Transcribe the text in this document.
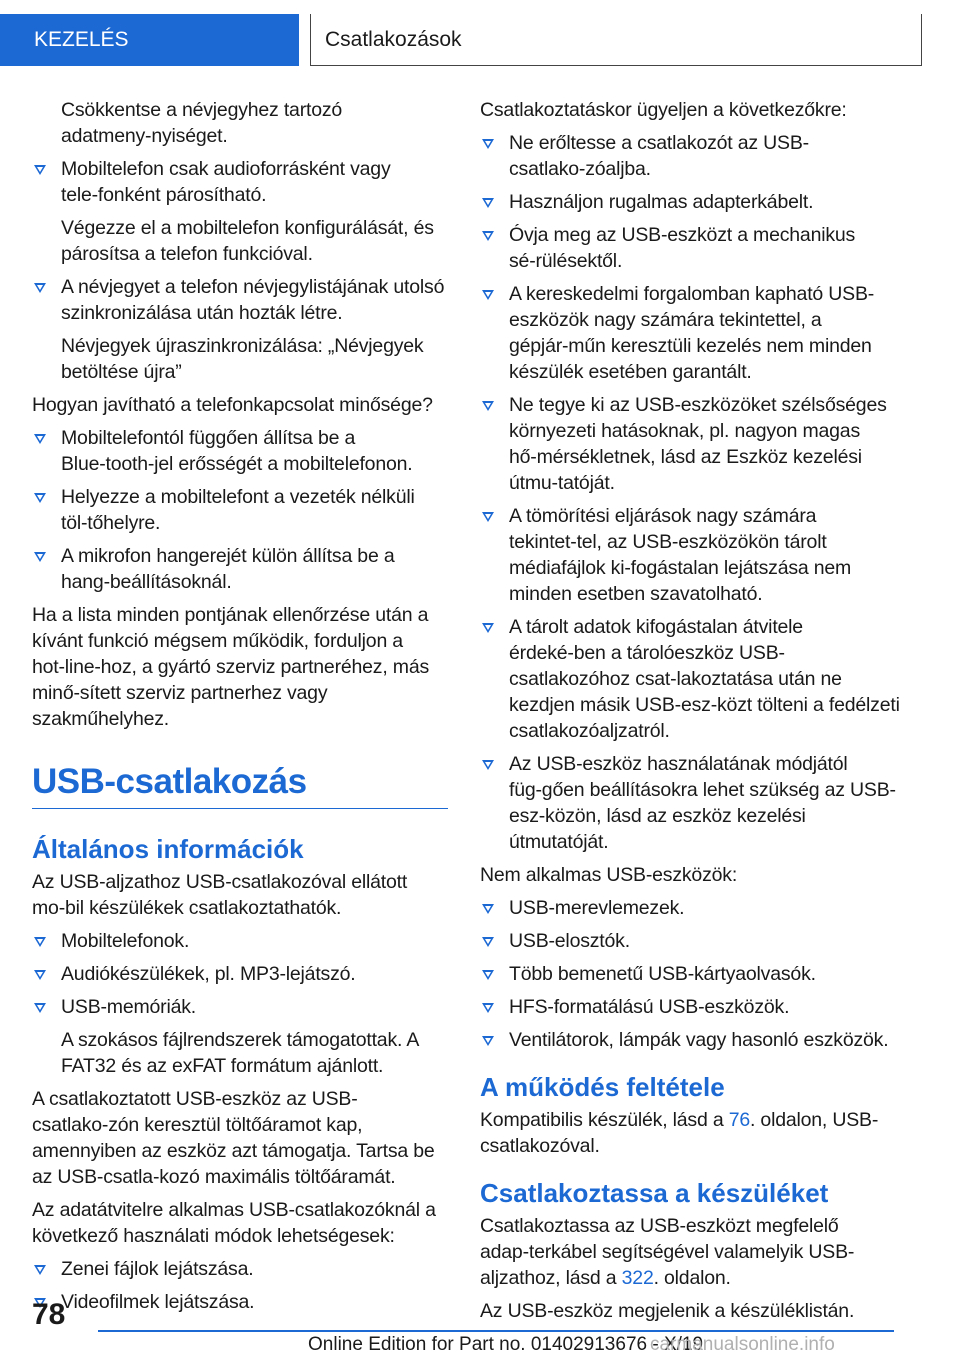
KEZELÉS	Csatlakozások

Csökkentse a névjegyhez tartozó adatmeny‑nyiséget.

Mobiltelefon csak audioforrásként vagy tele‑fonként párosítható.

Végezze el a mobiltelefon konfigurálását, és párosítsa a telefon funkcióval.

A névjegyet a telefon névjegylistájának utolsó szinkronizálása után hozták létre.

Névjegyek újraszinkronizálása: „Névjegyek betöltése újra”

Hogyan javítható a telefonkapcsolat minősége?

Mobiltelefontól függően állítsa be a Blue‑tooth‑jel erősségét a mobiltelefonon.
Helyezze a mobiltelefont a vezeték nélküli töl‑tőhelyre.
A mikrofon hangerejét külön állítsa be a hang‑beállításoknál.

Ha a lista minden pontjának ellenőrzése után a kívánt funkció mégsem működik, forduljon a hot‑line‑hoz, a gyártó szerviz partneréhez, más minő‑sített szerviz partnerhez vagy szakműhelyhez.

USB-csatlakozás
Általános információk

Az USB-aljzathoz USB-csatlakozóval ellátott mo‑bil készülékek csatlakoztathatók.

Mobiltelefonok.
Audiókészülékek, pl. MP3-lejátszó.
USB-memóriák.

A szokásos fájlrendszerek támogatottak. A FAT32 és az exFAT formátum ajánlott.

A csatlakoztatott USB-eszköz az USB-csatlako‑zón keresztül töltőáramot kap, amennyiben az eszköz azt támogatja. Tartsa be az USB-csatla‑kozó maximális töltőáramát.

Az adatátvitelre alkalmas USB-csatlakozóknál a következő használati módok lehetségesek:

Zenei fájlok lejátszása.
Videofilmek lejátszása.

Csatlakoztatáskor ügyeljen a következőkre:

Ne erőltesse a csatlakozót az USB-csatlako‑zóaljba.
Használjon rugalmas adapterkábelt.
Óvja meg az USB-eszközt a mechanikus sé‑rülésektől.
A kereskedelmi forgalomban kapható USB-eszközök nagy számára tekintettel, a gépjár‑műn keresztüli kezelés nem minden készülék esetében garantált.
Ne tegye ki az USB-eszközöket szélsőséges környezeti hatásoknak, pl. nagyon magas hő‑mérsékletnek, lásd az Eszköz kezelési útmu‑tatóját.
A tömörítési eljárások nagy számára tekintet‑tel, az USB-eszközökön tárolt médiafájlok ki‑fogástalan lejátszása nem minden esetben szavatolható.
A tárolt adatok kifogástalan átvitele érdeké‑ben a tárolóeszköz USB-csatlakozóhoz csat‑lakoztatása után ne kezdjen másik USB-esz‑közt tölteni a fedélzeti csatlakozóaljzatról.
Az USB-eszköz használatának módjától füg‑gően beállításokra lehet szükség az USB-esz‑közön, lásd az eszköz kezelési útmutatóját.

Nem alkalmas USB-eszközök:

USB-merevlemezek.
USB-elosztók.
Több bemenetű USB-kártyaolvasók.
HFS-formatálású USB-eszközök.
Ventilátorok, lámpák vagy hasonló eszközök.
A működés feltétele

Kompatibilis készülék, lásd a 76. oldalon, USB-csatlakozóval.

Csatlakoztassa a készüléket

Csatlakoztassa az USB-eszközt megfelelő adap‑terkábel segítségével valamelyik USB-aljzathoz, lásd a 322. oldalon.

Az USB-eszköz megjelenik a készüléklistán.

78
Online Edition for Part no. 01402913676 - X/19
carmanualsonline.info
